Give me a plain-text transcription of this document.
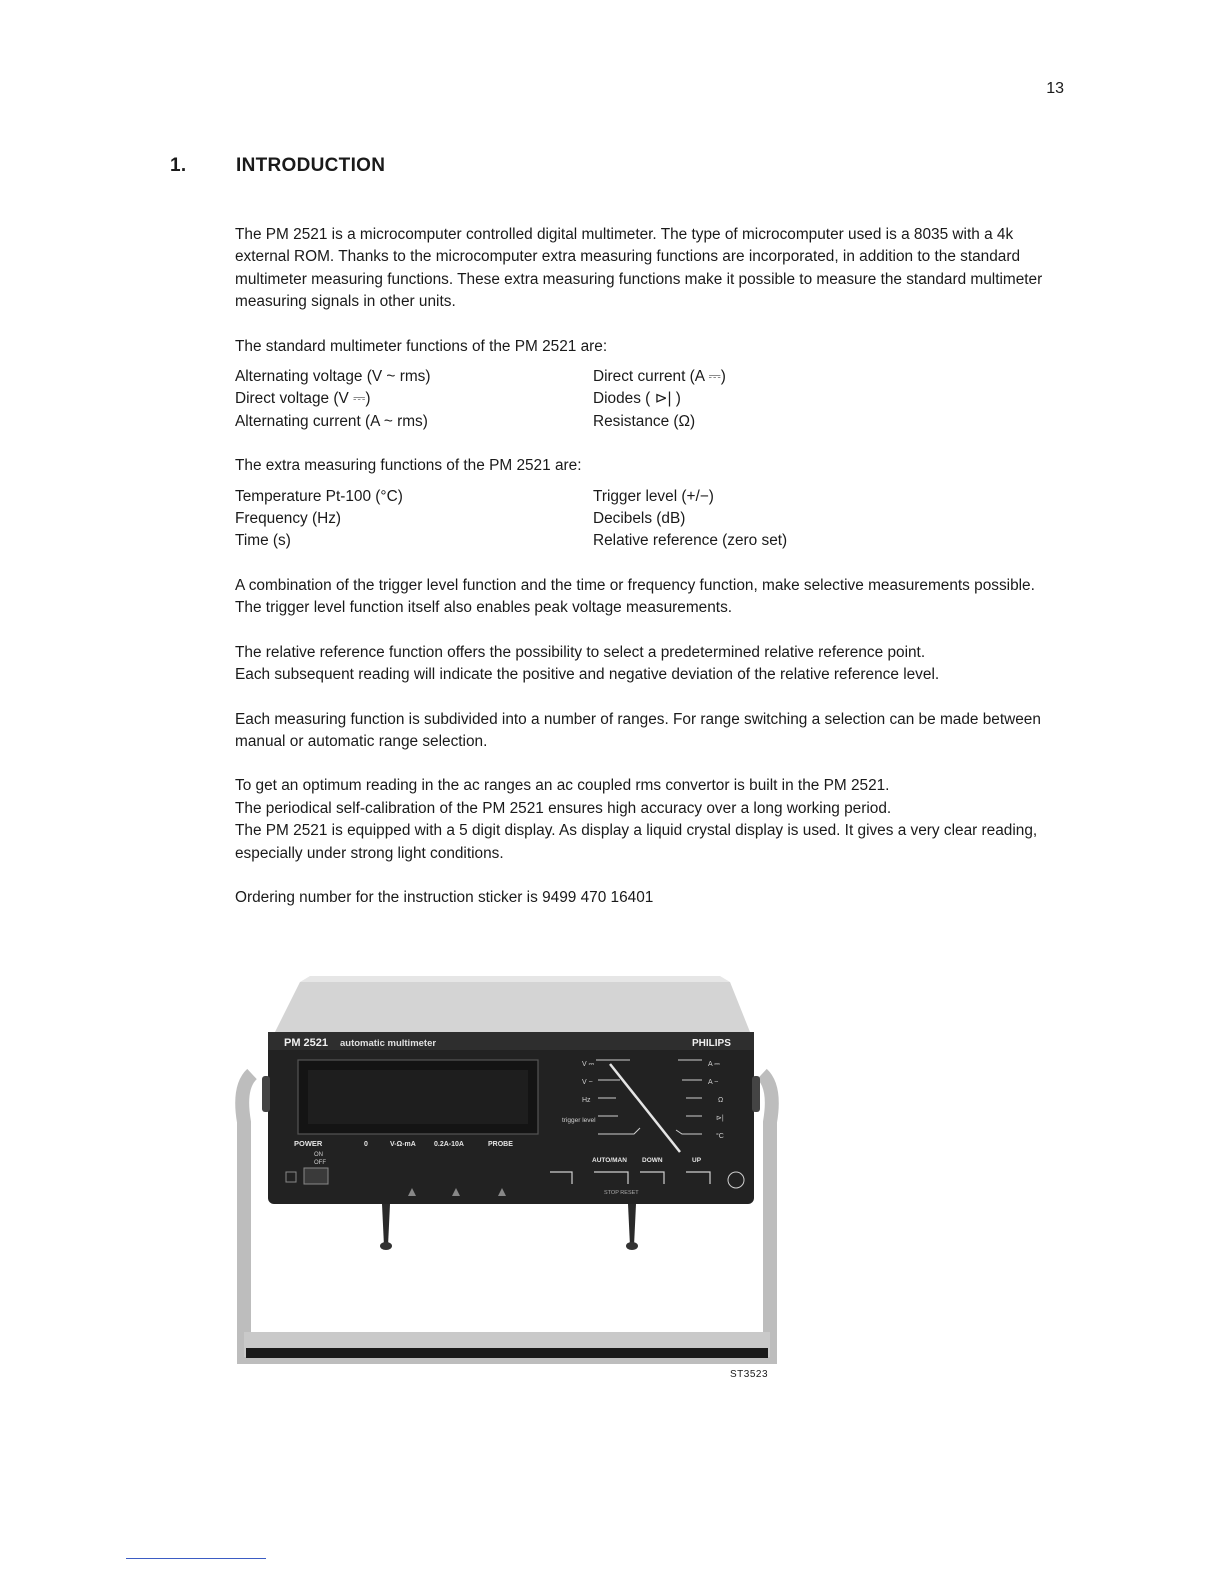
13
1.	INTRODUCTION

The PM 2521 is a microcomputer controlled digital multimeter. The type of microcomputer used is a 8035 with a 4k external ROM. Thanks to the microcomputer extra measuring functions are incorporated, in addition to the standard multimeter measuring functions. These extra measuring functions make it possible to measure the standard multimeter measuring signals in other units.

The standard multimeter functions of the PM 2521 are:

Alternating voltage (V ~ rms)	Direct current (A ⎓)
Direct voltage (V ⎓)	Diodes ( ⊳| )
Alternating current (A ~ rms)	Resistance (Ω)

The extra measuring functions of the PM 2521 are:

Temperature Pt-100 (°C)	Trigger level (+/−)
Frequency (Hz)	Decibels (dB)
Time (s)	Relative reference (zero set)

A combination of the trigger level function and the time or frequency function, make selective measurements possible.

The trigger level function itself also enables peak voltage measurements.

The relative reference function offers the possibility to select a predetermined relative reference point.

Each subsequent reading will indicate the positive and negative deviation of the relative reference level.

Each measuring function is subdivided into a number of ranges. For range switching a selection can be made between manual or automatic range selection.

To get an optimum reading in the ac ranges an ac coupled rms convertor is built in the PM 2521.

The periodical self-calibration of the PM 2521 ensures high accuracy over a long working period.

The PM 2521 is equipped with a 5 digit display. As display a liquid crystal display is used. It gives a very clear reading, especially under strong light conditions.

Ordering number for the instruction sticker is 9499 470 16401

PM 2521 automatic multimeter	PHILIPS
V ⎓
V ~
Hz
trigger level
A ⎓
A ~
Ω
⊳|
°C
POWER
ON
OFF
0	V-Ω-mA	0.2A-10A	PROBE
AUTO/MAN DOWN	UP
STOP RESET
ST3523
